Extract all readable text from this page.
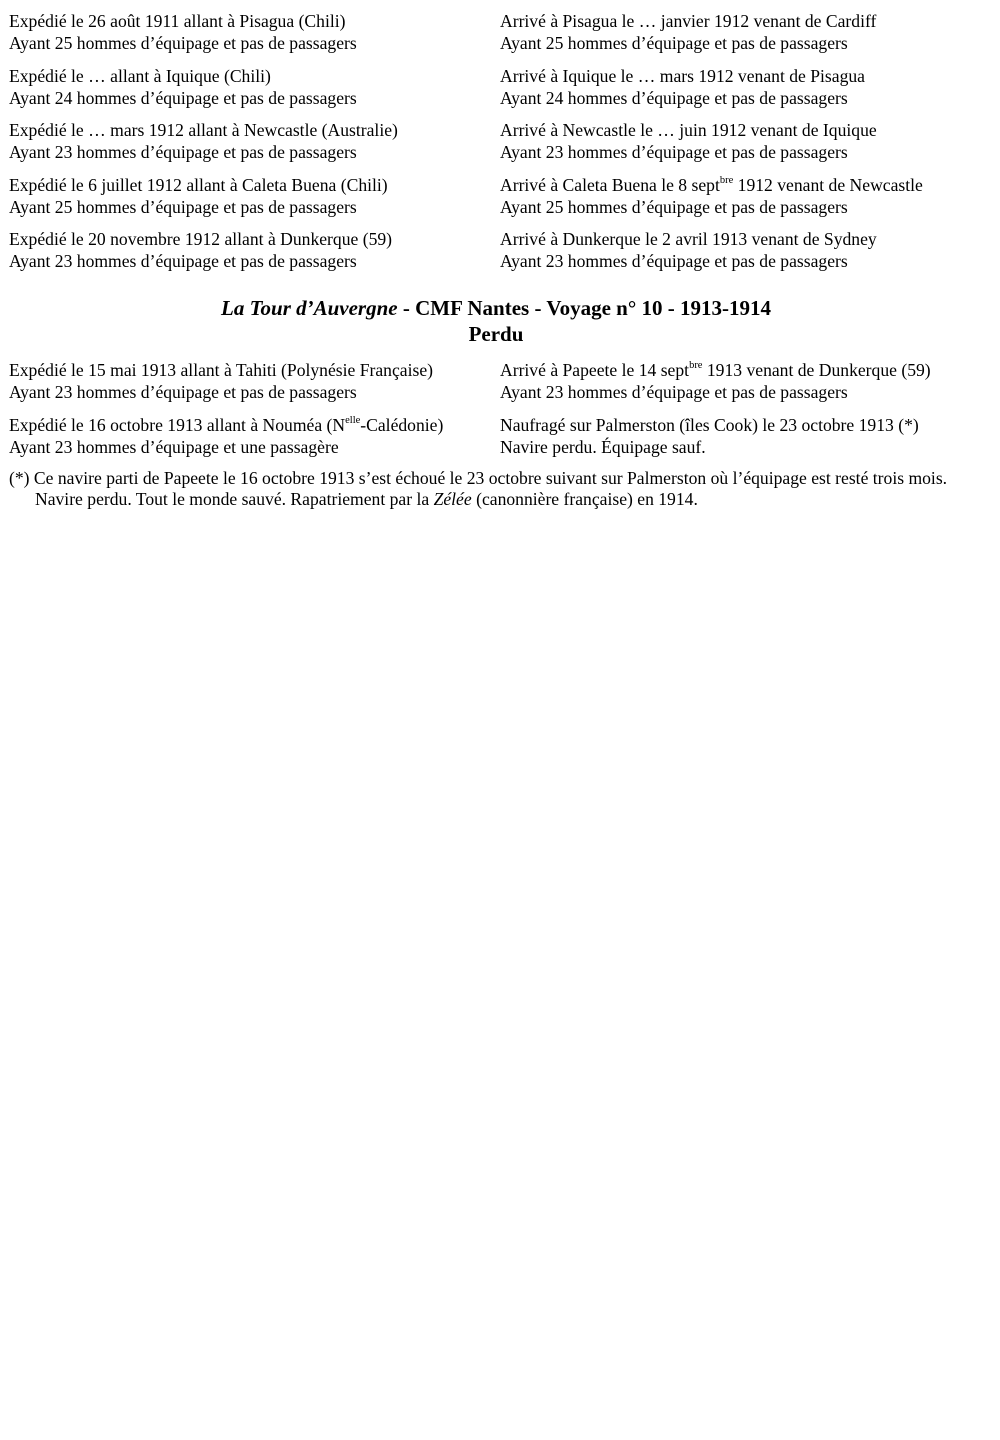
Expédié le 26 août 1911 allant à Pisagua (Chili)
Ayant 25 hommes d’équipage et pas de passagers
Arrivé à Pisagua le … janvier 1912 venant de Cardiff
Ayant 25 hommes d’équipage et pas de passagers
Expédié le … allant à Iquique (Chili)
Ayant 24 hommes d’équipage et pas de passagers
Arrivé à Iquique le … mars 1912 venant de Pisagua
Ayant 24 hommes d’équipage et pas de passagers
Expédié le … mars 1912 allant à Newcastle (Australie)
Ayant 23 hommes d’équipage et pas de passagers
Arrivé à Newcastle le … juin 1912 venant de Iquique
Ayant 23 hommes d’équipage et pas de passagers
Expédié le 6 juillet 1912 allant à Caleta Buena (Chili)
Ayant 25 hommes d’équipage et pas de passagers
Arrivé à Caleta Buena le 8 sept$^{bre}$ 1912 venant de Newcastle
Ayant 25 hommes d’équipage et pas de passagers
Expédié le 20 novembre 1912 allant à Dunkerque (59)
Ayant 23 hommes d’équipage et pas de passagers
Arrivé à Dunkerque le 2 avril 1913 venant de Sydney
Ayant 23 hommes d’équipage et pas de passagers
La Tour d’Auvergne - CMF Nantes - Voyage n° 10 - 1913-1914
Perdu
Expédié le 15 mai 1913 allant à Tahiti (Polynésie Française)
Ayant 23 hommes d’équipage et pas de passagers
Arrivé à Papeete le 14 sept$^{bre}$ 1913 venant de Dunkerque (59)
Ayant 23 hommes d’équipage et pas de passagers
Expédié le 16 octobre 1913 allant à Nouméa $(N^{elle}-Calédonie)$
Ayant 23 hommes d’équipage et une passagère
Naufragé sur Palmerston (îles Cook) le 23 octobre 1913 (*)
Navire perdu. Équipage sauf.
(*) Ce navire parti de Papeete le 16 octobre 1913 s’est échoué le 23 octobre suivant sur Palmerston où l’équipage est resté trois mois. Navire perdu. Tout le monde sauvé. Rapatriement par la Zélée (canonnière française) en 1914.
